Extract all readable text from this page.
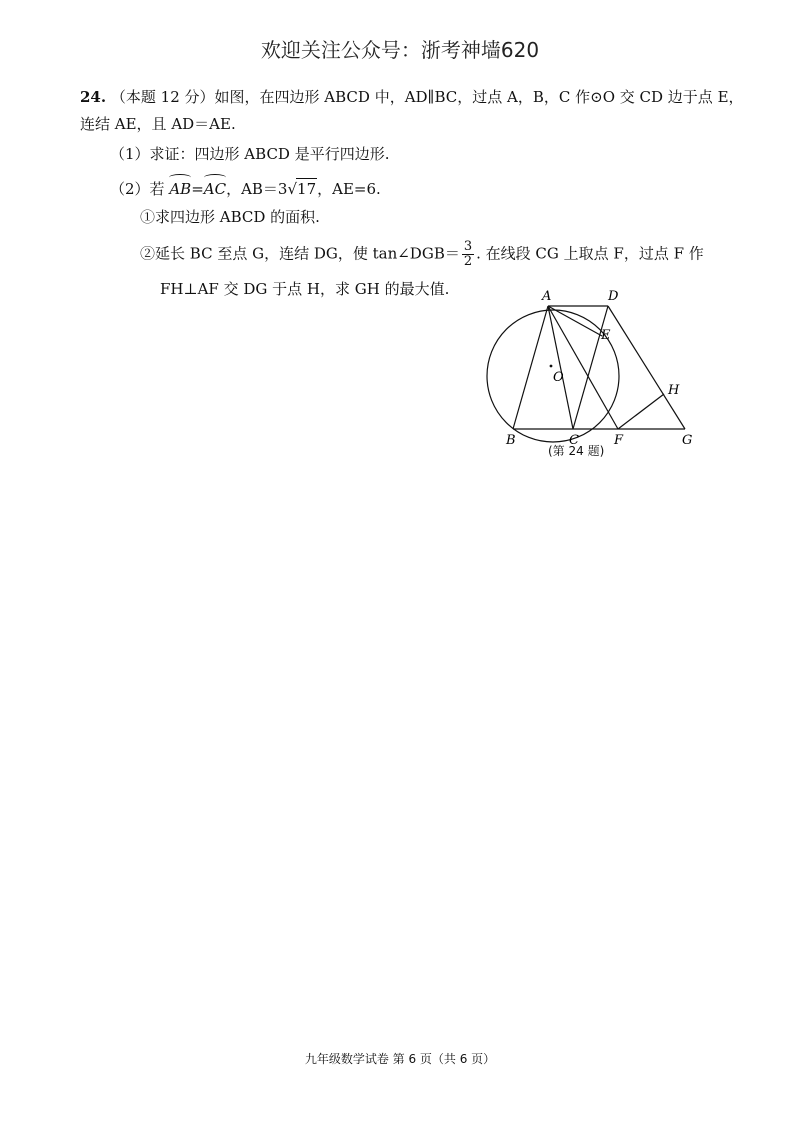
欢迎关注公众号：浙考神墙620
24. （本题 12 分）如图，在四边形 ABCD 中，AD∥BC，过点 A，B，C 作⊙O 交 CD 边于点 E，
连结 AE，且 AD＝AE.
（1）求证：四边形 ABCD 是平行四边形.
（2）若 AB=AC，AB＝3√17，AE=6.
①求四边形 ABCD 的面积.
②延长 BC 至点 G，连结 DG，使 tan∠DGB＝ $\frac{3}{2}$ . 在线段 CG 上取点 F，过点 F 作
FH⊥AF 交 DG 于点 H，求 GH 的最大值.	A	D
E
O
H
B	C	F	G
(第 24 题)
九年级数学试卷 第 6 页（共 6 页）
